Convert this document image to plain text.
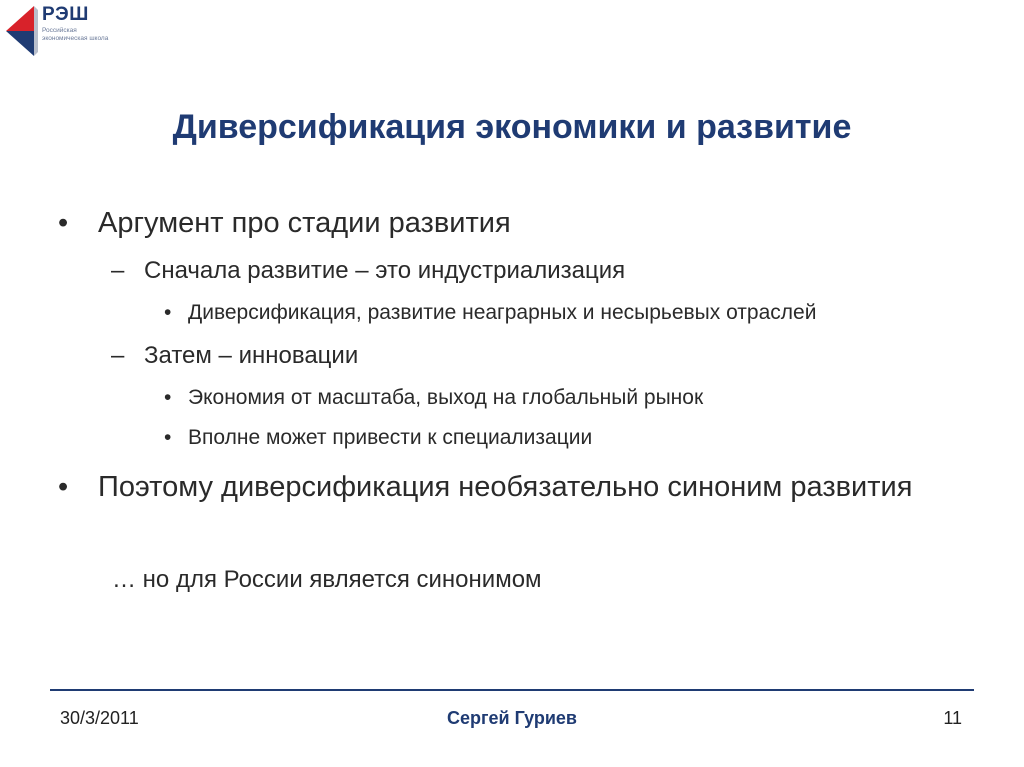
РЭШ
Российская экономическая школа
Диверсификация экономики и развитие
• Аргумент про стадии развития
– Сначала развитие – это индустриализация
• Диверсификация, развитие неаграрных и несырьевых отраслей
– Затем – инновации
• Экономия от масштаба, выход на глобальный рынок
• Вполне может привести к специализации
• Поэтому диверсификация необязательно синоним развития
… но для России является синонимом
30/3/2011	Сергей Гуриев	11
